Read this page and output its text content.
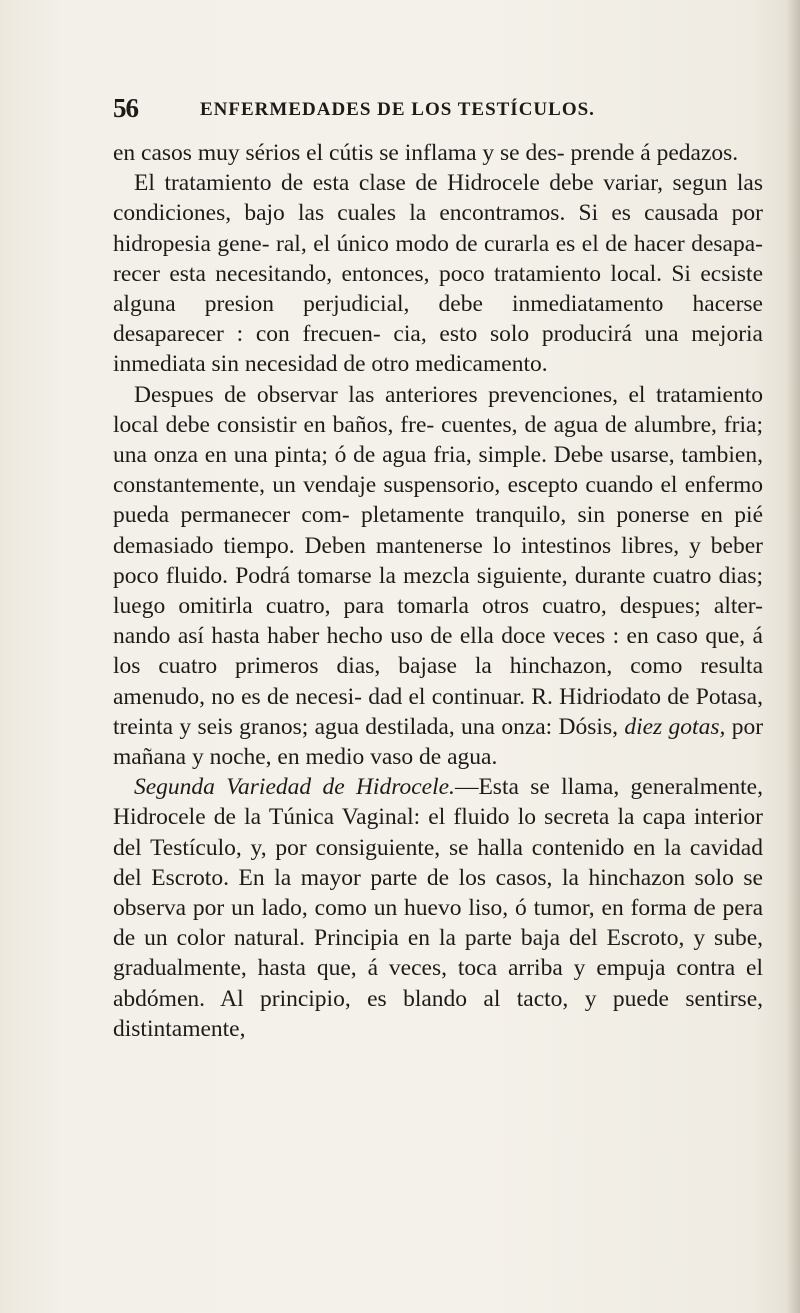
56	ENFERMEDADES DE LOS TESTÍCULOS.

en casos muy sérios el cútis se inflama y se des- prende á pedazos.

El tratamiento de esta clase de Hidrocele debe variar, segun las condiciones, bajo las cuales la encontramos. Si es causada por hidropesia gene- ral, el único modo de curarla es el de hacer desapa- recer esta necesitando, entonces, poco tratamiento local. Si ecsiste alguna presion perjudicial, debe inmediatamento hacerse desaparecer : con frecuen- cia, esto solo producirá una mejoria inmediata sin necesidad de otro medicamento.

Despues de observar las anteriores prevenciones, el tratamiento local debe consistir en baños, fre- cuentes, de agua de alumbre, fria; una onza en una pinta; ó de agua fria, simple. Debe usarse, tambien, constantemente, un vendaje suspensorio, escepto cuando el enfermo pueda permanecer com- pletamente tranquilo, sin ponerse en pié demasiado tiempo. Deben mantenerse lo intestinos libres, y beber poco fluido. Podrá tomarse la mezcla siguiente, durante cuatro dias; luego omitirla cuatro, para tomarla otros cuatro, despues; alter- nando así hasta haber hecho uso de ella doce veces : en caso que, á los cuatro primeros dias, bajase la hinchazon, como resulta amenudo, no es de necesi- dad el continuar. R. Hidriodato de Potasa, treinta y seis granos; agua destilada, una onza: Dósis, diez gotas, por mañana y noche, en medio vaso de agua.

Segunda Variedad de Hidrocele.—Esta se llama, generalmente, Hidrocele de la Túnica Vaginal: el fluido lo secreta la capa interior del Testículo, y, por consiguiente, se halla contenido en la cavidad del Escroto. En la mayor parte de los casos, la hinchazon solo se observa por un lado, como un huevo liso, ó tumor, en forma de pera de un color natural. Principia en la parte baja del Escroto, y sube, gradualmente, hasta que, á veces, toca arriba y empuja contra el abdómen. Al principio, es blando al tacto, y puede sentirse, distintamente,
